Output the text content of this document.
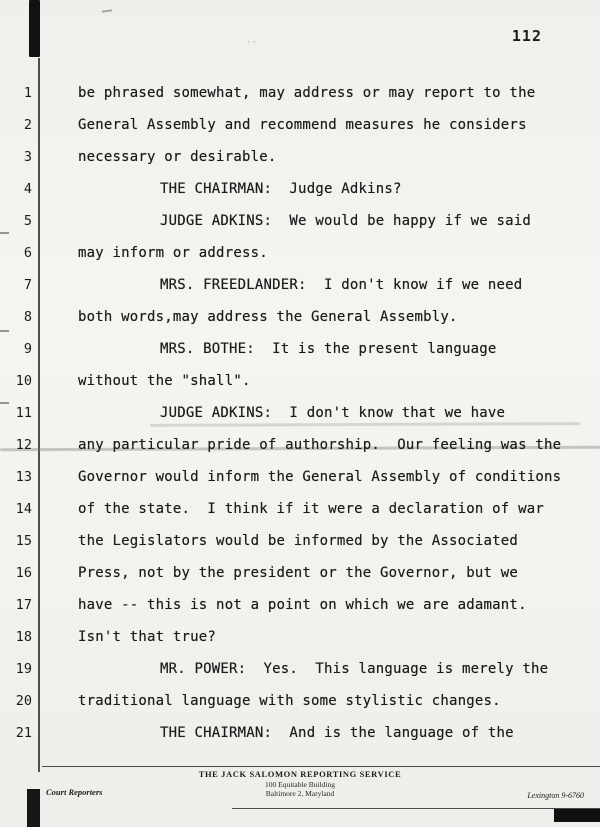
··	112
1	be phrased somewhat, may address or may report to the
2	General Assembly and recommend measures he considers
3	necessary or desirable.
4	THE CHAIRMAN:  Judge Adkins?
5	JUDGE ADKINS:  We would be happy if we said
6	may inform or address.
7	MRS. FREEDLANDER:  I don't know if we need
8	both words,may address the General Assembly.
9	MRS. BOTHE:  It is the present language
10	without the "shall".
11	JUDGE ADKINS:  I don't know that we have
12	any particular pride of authorship.  Our feeling was the
13	Governor would inform the General Assembly of conditions
14	of the state.  I think if it were a declaration of war
15	the Legislators would be informed by the Associated
16	Press, not by the president or the Governor, but we
17	have -- this is not a point on which we are adamant.
18	Isn't that true?
19	MR. POWER:  Yes.  This language is merely the
20	traditional language with some stylistic changes.
21	THE CHAIRMAN:  And is the language of the
THE JACK SALOMON REPORTING SERVICE
100 Equitable Building
Baltimore 2, Maryland
Court Reporters	Lexington 9-6760
